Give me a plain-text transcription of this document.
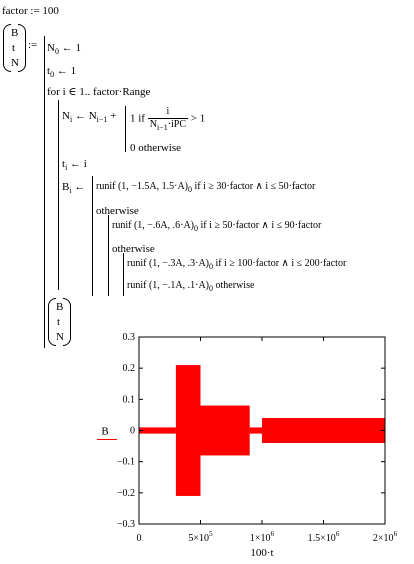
factor := 100
B
t
N
:= $N_0$ ← 1
$t_0$ ← 1
for i ∈ 1.. factor·Range
$N_i$ ← $N_{i-1} + 1$ if $\frac{i}{N_{i-1}\cdot iPC} > 1$
0 otherwise
$t_i$ ← i
$B_i$ ← runif (1, −1.5A, $1.5\cdot A)_0$ if i ≥ 30·factor ∧ i ≤ 50·factor
otherwise
runif (1, −.6A, $.6\cdot A)_0$ if i ≥ 50·factor ∧ i ≤ 90·factor
otherwise
runif (1, −.3A, $.3\cdot A)_0$ if i ≥ 100·factor ∧ i ≤ 200·factor
runif (1, −.1A, $.1\cdot A)_0$ otherwise
B
t
N	0.3
0.2
0.1
0
−0.1
−0.2
−0.3
0	$5\times 10^5$	$1\times 10^6$	$1.5\times 10^6$	$2\times 10^6$
B
100·t
